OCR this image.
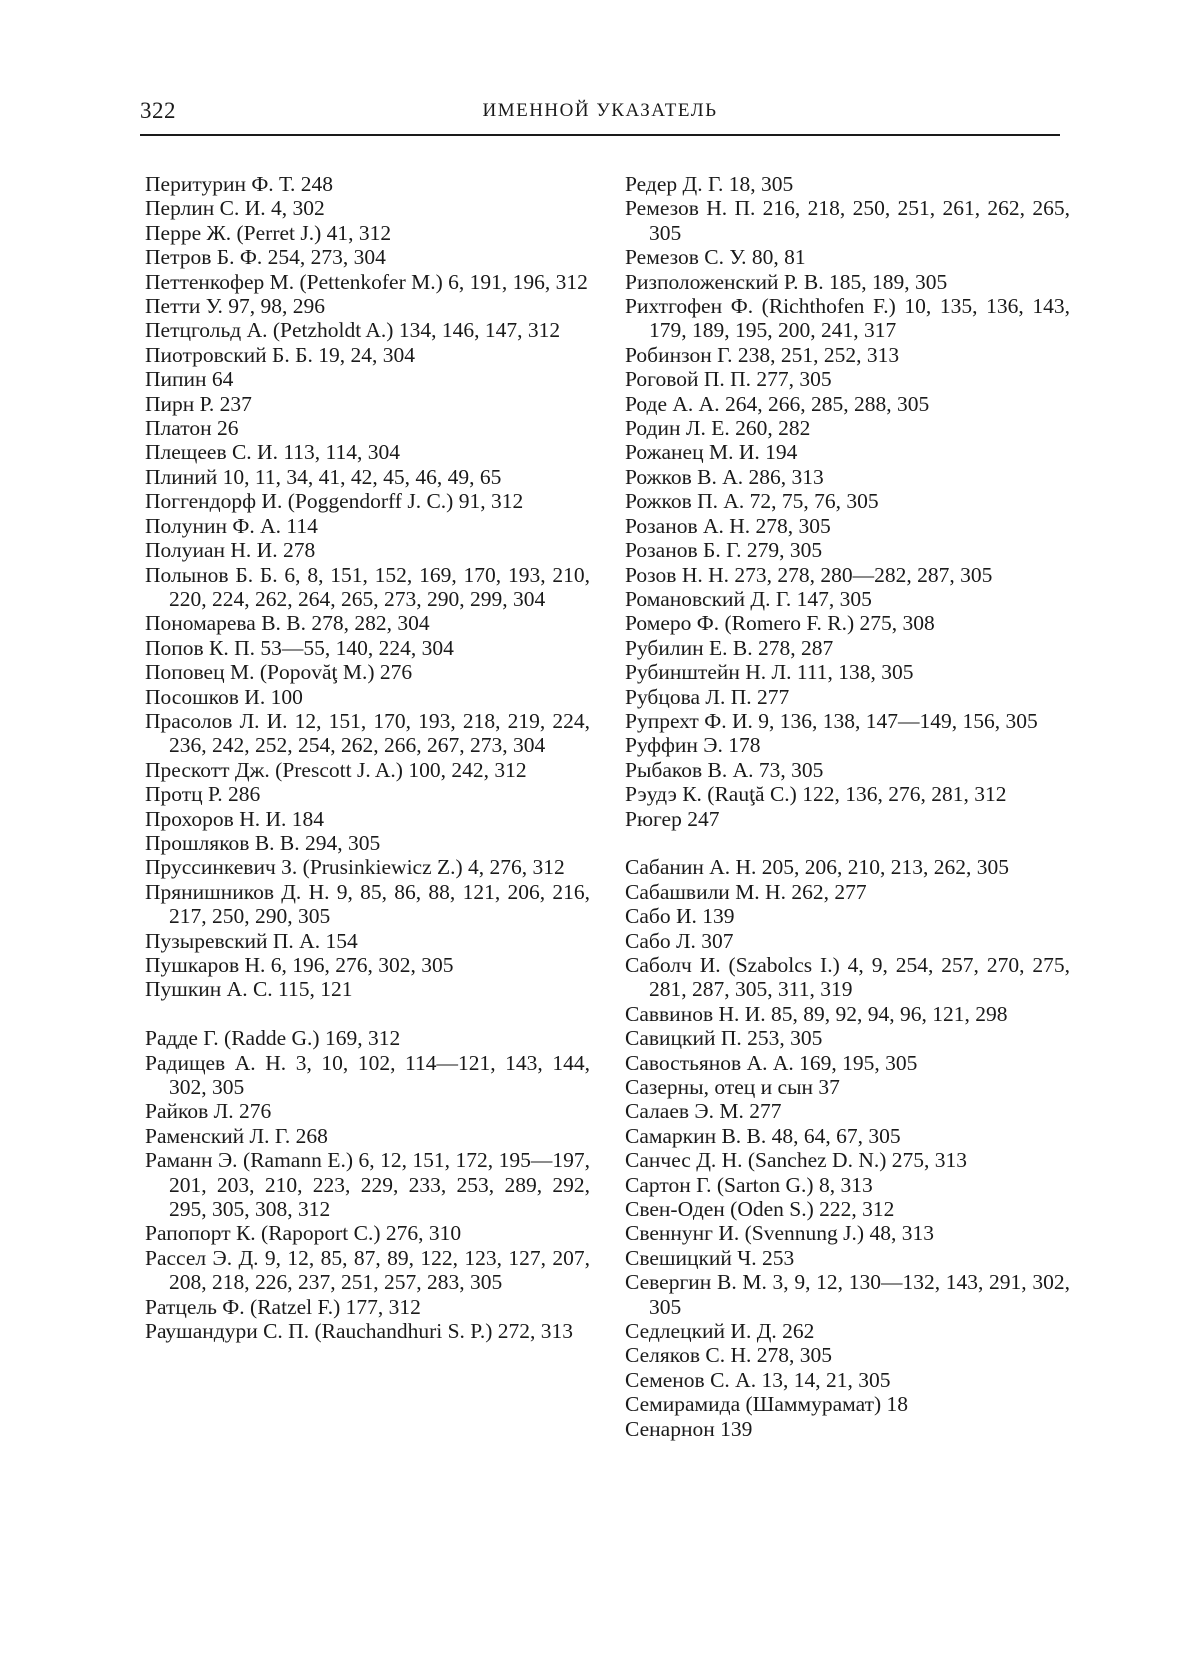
322	ИМЕННОЙ УКАЗАТЕЛЬ

Перитурин Ф. Т. 248

Перлин С. И. 4, 302

Перре Ж. (Perret J.) 41, 312

Петров Б. Ф. 254, 273, 304

Петтенкофер М. (Pettenkofer M.) 6, 191, 196, 312

Петти У. 97, 98, 296

Петцгольд А. (Petzholdt A.) 134, 146, 147, 312

Пиотровский Б. Б. 19, 24, 304

Пипин 64

Пирн Р. 237

Платон 26

Плещеев С. И. 113, 114, 304

Плиний 10, 11, 34, 41, 42, 45, 46, 49, 65

Поггендорф И. (Poggendorff J. C.) 91, 312

Полунин Ф. А. 114

Полуиан Н. И. 278

Полынов Б. Б. 6, 8, 151, 152, 169, 170, 193, 210, 220, 224, 262, 264, 265, 273, 290, 299, 304

Пономарева В. В. 278, 282, 304

Попов К. П. 53—55, 140, 224, 304

Поповец М. (Popovăţ M.) 276

Посошков И. 100

Прасолов Л. И. 12, 151, 170, 193, 218, 219, 224, 236, 242, 252, 254, 262, 266, 267, 273, 304

Прескотт Дж. (Prescott J. A.) 100, 242, 312

Протц Р. 286

Прохоров Н. И. 184

Прошляков В. В. 294, 305

Пруссинкевич З. (Prusinkiewicz Z.) 4, 276, 312

Прянишников Д. Н. 9, 85, 86, 88, 121, 206, 216, 217, 250, 290, 305

Пузыревский П. А. 154

Пушкаров Н. 6, 196, 276, 302, 305

Пушкин А. С. 115, 121

Радде Г. (Radde G.) 169, 312

Радищев А. Н. 3, 10, 102, 114—121, 143, 144, 302, 305

Райков Л. 276

Раменский Л. Г. 268

Раманн Э. (Ramann E.) 6, 12, 151, 172, 195—197, 201, 203, 210, 223, 229, 233, 253, 289, 292, 295, 305, 308, 312

Рапопорт К. (Rapoport C.) 276, 310

Рассел Э. Д. 9, 12, 85, 87, 89, 122, 123, 127, 207, 208, 218, 226, 237, 251, 257, 283, 305

Ратцель Ф. (Ratzel F.) 177, 312

Раушандури С. П. (Rauchandhuri S. P.) 272, 313

Редер Д. Г. 18, 305

Ремезов Н. П. 216, 218, 250, 251, 261, 262, 265, 305

Ремезов С. У. 80, 81

Ризположенский Р. В. 185, 189, 305

Рихтгофен Ф. (Richthofen F.) 10, 135, 136, 143, 179, 189, 195, 200, 241, 317

Робинзон Г. 238, 251, 252, 313

Роговой П. П. 277, 305

Роде А. А. 264, 266, 285, 288, 305

Родин Л. Е. 260, 282

Рожанец М. И. 194

Рожков В. А. 286, 313

Рожков П. А. 72, 75, 76, 305

Розанов А. Н. 278, 305

Розанов Б. Г. 279, 305

Розов Н. Н. 273, 278, 280—282, 287, 305

Романовский Д. Г. 147, 305

Ромеро Ф. (Romero F. R.) 275, 308

Рубилин Е. В. 278, 287

Рубинштейн Н. Л. 111, 138, 305

Рубцова Л. П. 277

Рупрехт Ф. И. 9, 136, 138, 147—149, 156, 305

Руффин Э. 178

Рыбаков В. А. 73, 305

Рэудэ К. (Rauţă C.) 122, 136, 276, 281, 312

Рюгер 247

Сабанин А. Н. 205, 206, 210, 213, 262, 305

Сабашвили М. Н. 262, 277

Сабо И. 139

Сабо Л. 307

Саболч И. (Szabolcs I.) 4, 9, 254, 257, 270, 275, 281, 287, 305, 311, 319

Саввинов Н. И. 85, 89, 92, 94, 96, 121, 298

Савицкий П. 253, 305

Савостьянов А. А. 169, 195, 305

Сазерны, отец и сын 37

Салаев Э. М. 277

Самаркин В. В. 48, 64, 67, 305

Санчес Д. Н. (Sanchez D. N.) 275, 313

Сартон Г. (Sarton G.) 8, 313

Свен-Оден (Oden S.) 222, 312

Свеннунг И. (Svennung J.) 48, 313

Свешицкий Ч. 253

Севергин В. М. 3, 9, 12, 130—132, 143, 291, 302, 305

Седлецкий И. Д. 262

Селяков С. Н. 278, 305

Семенов С. А. 13, 14, 21, 305

Семирамида (Шаммурамат) 18

Сенарнон 139
